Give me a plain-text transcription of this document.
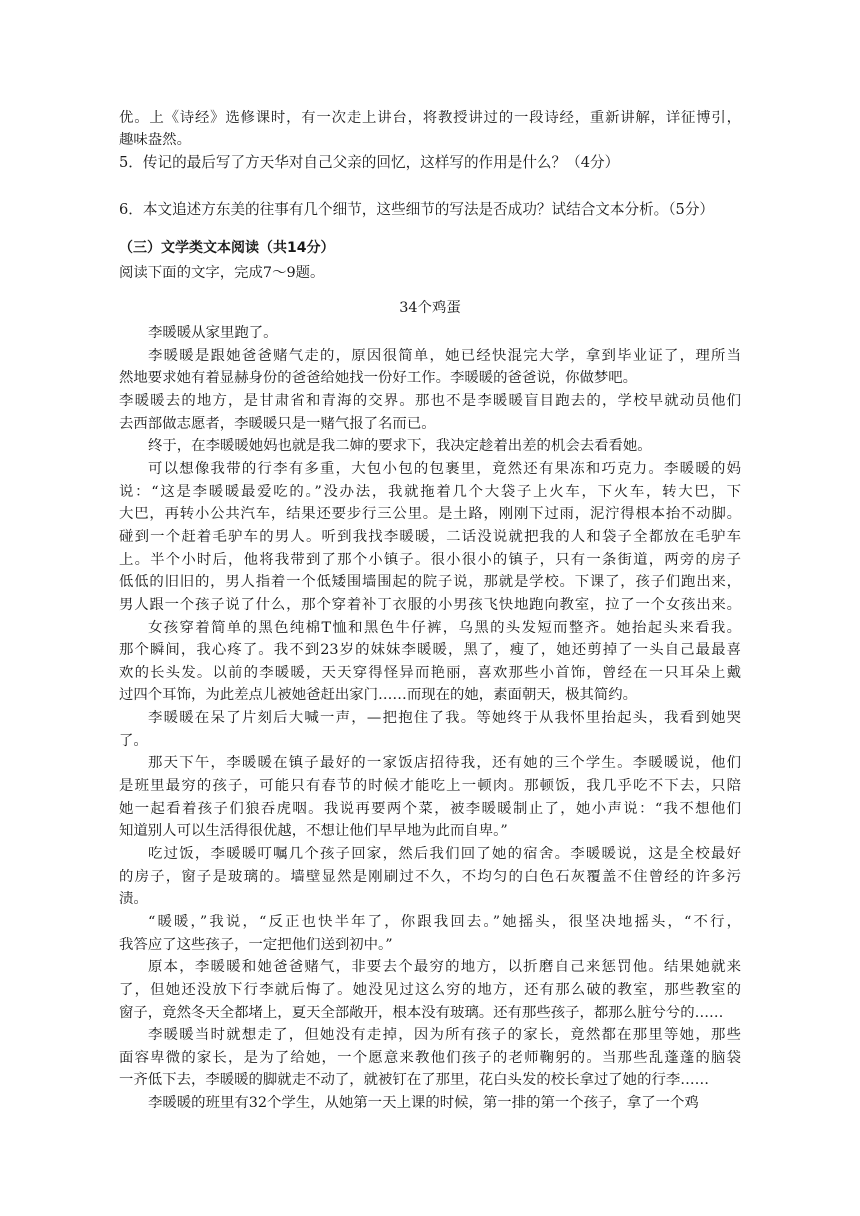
优。上《诗经》选修课时，有一次走上讲台，将教授讲过的一段诗经，重新讲解，详征博引，
趣味盎然。
5．传记的最后写了方天华对自己父亲的回忆，这样写的作用是什么？（4分）
6．本文追述方东美的往事有几个细节，这些细节的写法是否成功？试结合文本分析。（5分）
（三）文学类文本阅读（共14分）
阅读下面的文字，完成7～9题。
34个鸡蛋
李暖暖从家里跑了。
李暖暖是跟她爸爸赌气走的，原因很简单，她已经快混完大学，拿到毕业证了，理所当
然地要求她有着显赫身份的爸爸给她找一份好工作。李暖暖的爸爸说，你做梦吧。
李暖暖去的地方，是甘肃省和青海的交界。那也不是李暖暖盲目跑去的，学校早就动员他们
去西部做志愿者，李暖暖只是一赌气报了名而已。
终于，在李暖暖她妈也就是我二婶的要求下，我决定趁着出差的机会去看看她。
可以想像我带的行李有多重，大包小包的包裹里，竟然还有果冻和巧克力。李暖暖的妈
说：“这是李暖暖最爱吃的。”没办法，我就拖着几个大袋子上火车，下火车，转大巴，下
大巴，再转小公共汽车，结果还要步行三公里。是土路，刚刚下过雨，泥泞得根本抬不动脚。
碰到一个赶着毛驴车的男人。听到我找李暖暖，二话没说就把我的人和袋子全都放在毛驴车
上。半个小时后，他将我带到了那个小镇子。很小很小的镇子，只有一条街道，两旁的房子
低低的旧旧的，男人指着一个低矮围墙围起的院子说，那就是学校。下课了，孩子们跑出来，
男人跟一个孩子说了什么，那个穿着补丁衣服的小男孩飞快地跑向教室，拉了一个女孩出来。
女孩穿着简单的黑色纯棉T恤和黑色牛仔裤，乌黑的头发短而整齐。她抬起头来看我。
那个瞬间，我心疼了。我不到23岁的妹妹李暖暖，黑了，瘦了，她还剪掉了一头自己最最喜
欢的长头发。以前的李暖暖，天天穿得怪异而艳丽，喜欢那些小首饰，曾经在一只耳朵上戴
过四个耳饰，为此差点儿被她爸赶出家门……而现在的她，素面朝天，极其简约。
李暖暖在呆了片刻后大喊一声，—把抱住了我。等她终于从我怀里抬起头，我看到她哭
了。
那天下午，李暖暖在镇子最好的一家饭店招待我，还有她的三个学生。李暖暖说，他们
是班里最穷的孩子，可能只有春节的时候才能吃上一顿肉。那顿饭，我几乎吃不下去，只陪
她一起看着孩子们狼吞虎咽。我说再要两个菜，被李暖暖制止了，她小声说：“我不想他们
知道别人可以生活得很优越，不想让他们早早地为此而自卑。”
吃过饭，李暖暖叮嘱几个孩子回家，然后我们回了她的宿舍。李暖暖说，这是全校最好
的房子，窗子是玻璃的。墙壁显然是刚刷过不久，不均匀的白色石灰覆盖不住曾经的许多污
渍。
“暖暖，”我说，“反正也快半年了，你跟我回去。”她摇头，很坚决地摇头，“不行，
我答应了这些孩子，一定把他们送到初中。”
原本，李暖暖和她爸爸赌气，非要去个最穷的地方，以折磨自己来惩罚他。结果她就来
了，但她还没放下行李就后悔了。她没见过这么穷的地方，还有那么破的教室，那些教室的
窗子，竟然冬天全都堵上，夏天全部敞开，根本没有玻璃。还有那些孩子，都那么脏兮兮的……
李暖暖当时就想走了，但她没有走掉，因为所有孩子的家长，竟然都在那里等她，那些
面容卑微的家长，是为了给她，一个愿意来教他们孩子的老师鞠躬的。当那些乱蓬蓬的脑袋
一齐低下去，李暖暖的脚就走不动了，就被钉在了那里，花白头发的校长拿过了她的行李……
李暖暖的班里有32个学生，从她第一天上课的时候，第一排的第一个孩子，拿了一个鸡
